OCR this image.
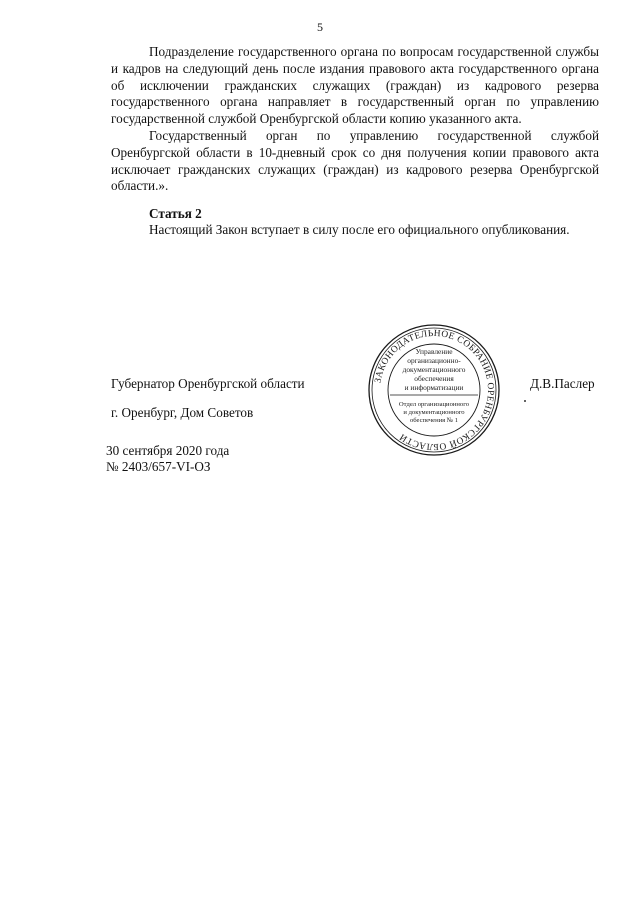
5

Подразделение государственного органа по вопросам государственной службы и кадров на следующий день после издания правового акта государственного органа об исключении гражданских служащих (граждан) из кадрового резерва государственного органа направляет в государственный орган по управлению государственной службой Оренбургской области копию указанного акта.

Государственный орган по управлению государственной службой Оренбургской области в 10-дневный срок со дня получения копии правового акта исключает гражданских служащих (граждан) из кадрового резерва Оренбургской области.».

Статья 2

Настоящий Закон вступает в силу после его официального опубликования.

ЗАКОНОДАТЕЛЬНОЕ СОБРАНИЕ ОРЕНБУРГСКОЙ ОБЛАСТИ
Управление
организационно-
документационного
обеспечения
и информатизации
Отдел организационного
и документационного
обеспечения № 1
Губернатор Оренбургской области	Д.В.Паслер
г. Оренбург, Дом Советов
30 сентября 2020 года
№ 2403/657-VI-ОЗ
